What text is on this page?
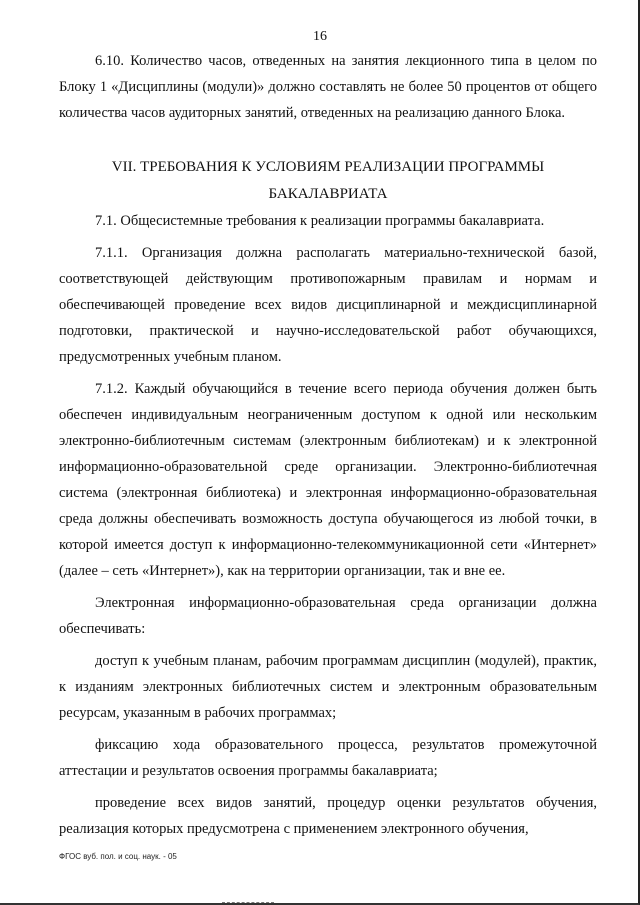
16

6.10. Количество часов, отведенных на занятия лекционного типа в целом по Блоку 1 «Дисциплины (модули)» должно составлять не более 50 процентов от общего количества часов аудиторных занятий, отведенных на реализацию данного Блока.

VII. ТРЕБОВАНИЯ К УСЛОВИЯМ РЕАЛИЗАЦИИ ПРОГРАММЫ
БАКАЛАВРИАТА

7.1. Общесистемные требования к реализации программы бакалавриата.

7.1.1. Организация должна располагать материально-технической базой, соответствующей действующим противопожарным правилам и нормам и обеспечивающей проведение всех видов дисциплинарной и междисциплинарной подготовки, практической и научно-исследовательской работ обучающихся, предусмотренных учебным планом.

7.1.2. Каждый обучающийся в течение всего периода обучения должен быть обеспечен индивидуальным неограниченным доступом к одной или нескольким электронно-библиотечным системам (электронным библиотекам) и к электронной информационно-образовательной среде организации. Электронно-библиотечная система (электронная библиотека) и электронная информационно-образовательная среда должны обеспечивать возможность доступа обучающегося из любой точки, в которой имеется доступ к информационно-телекоммуникационной сети «Интернет» (далее – сеть «Интернет»), как на территории организации, так и вне ее.

Электронная информационно-образовательная среда организации должна обеспечивать:

доступ к учебным планам, рабочим программам дисциплин (модулей), практик, к изданиям электронных библиотечных систем и электронным образовательным ресурсам, указанным в рабочих программах;

фиксацию хода образовательного процесса, результатов промежуточной аттестации и результатов освоения программы бакалавриата;

проведение всех видов занятий, процедур оценки результатов обучения, реализация которых предусмотрена с применением электронного обучения,

ФГОС вуб. пол. и соц. наук. - 05
